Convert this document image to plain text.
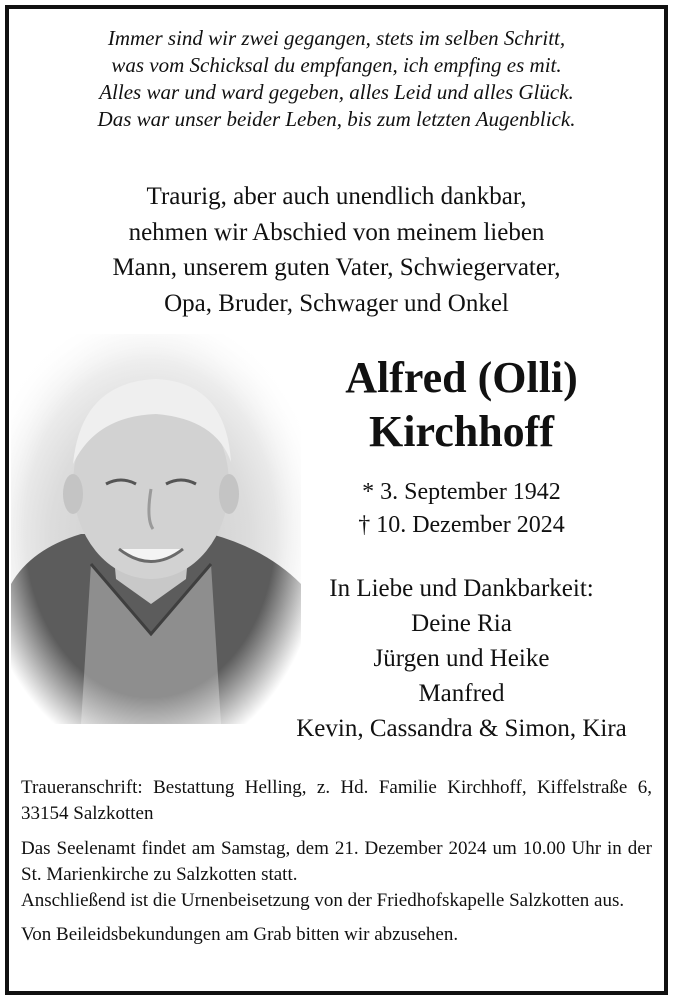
Immer sind wir zwei gegangen, stets im selben Schritt,
was vom Schicksal du empfangen, ich empfing es mit.
Alles war und ward gegeben, alles Leid und alles Glück.
Das war unser beider Leben, bis zum letzten Augenblick.
Traurig, aber auch unendlich dankbar,
nehmen wir Abschied von meinem lieben
Mann, unserem guten Vater, Schwiegervater,
Opa, Bruder, Schwager und Onkel
Alfred (Olli)
Kirchhoff
* 3. September 1942
† 10. Dezember 2024
In Liebe und Dankbarkeit:
Deine Ria
Jürgen und Heike
Manfred
Kevin, Cassandra & Simon, Kira

Traueranschrift: Bestattung Helling, z. Hd. Familie Kirchhoff, Kiffelstraße 6, 33154 Salzkotten

Das Seelenamt findet am Samstag, dem 21. Dezember 2024 um 10.00 Uhr in der St. Marienkirche zu Salzkotten statt.

Anschließend ist die Urnenbeisetzung von der Friedhofskapelle Salzkotten aus.

Von Beileidsbekundungen am Grab bitten wir abzusehen.
